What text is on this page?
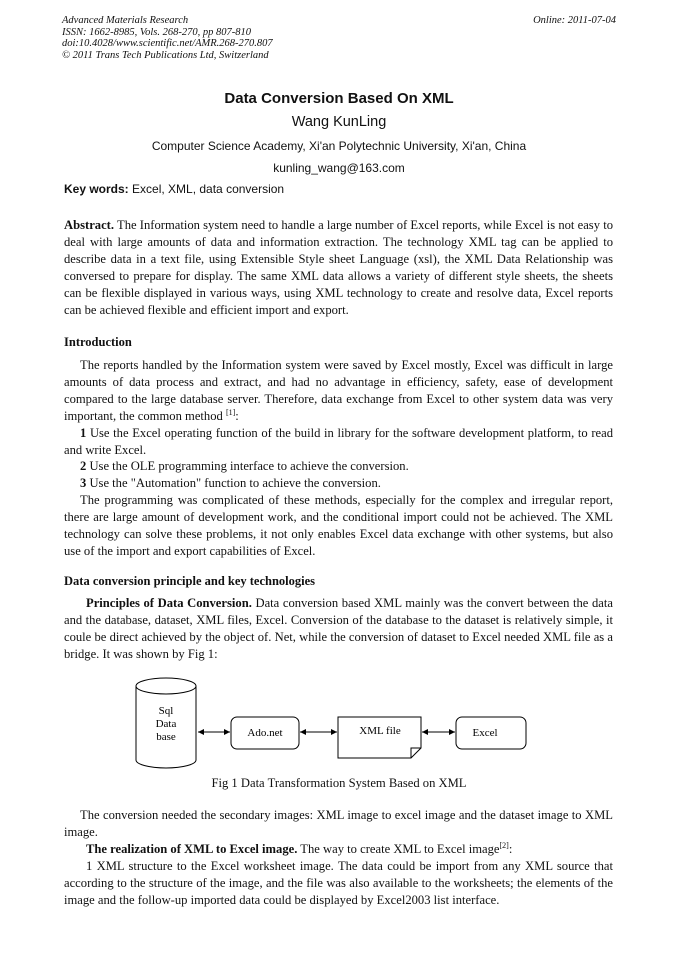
Advanced Materials Research
ISSN: 1662-8985, Vols. 268-270, pp 807-810
doi:10.4028/www.scientific.net/AMR.268-270.807
© 2011 Trans Tech Publications Ltd, Switzerland
Online: 2011-07-04
Data Conversion Based On XML
Wang KunLing
Computer Science Academy, Xi'an Polytechnic University, Xi'an, China
kunling_wang@163.com
Key words: Excel, XML, data conversion
Abstract. The Information system need to handle a large number of Excel reports, while Excel is not easy to deal with large amounts of data and information extraction. The technology XML tag can be applied to describe data in a text file, using Extensible Style sheet Language (xsl), the XML Data Relationship was conversed to prepare for display. The same XML data allows a variety of different style sheets, the sheets can be flexible displayed in various ways, using XML technology to create and resolve data, Excel reports can be achieved flexible and efficient import and export.
Introduction
The reports handled by the Information system were saved by Excel mostly, Excel was difficult in large amounts of data process and extract, and had no advantage in efficiency, safety, ease of development compared to the large database server. Therefore, data exchange from Excel to other system data was very important, the common method [1]:
1 Use the Excel operating function of the build in library for the software development platform, to read and write Excel.
2 Use the OLE programming interface to achieve the conversion.
3 Use the "Automation" function to achieve the conversion.
The programming was complicated of these methods, especially for the complex and irregular report, there are large amount of development work, and the conditional import could not be achieved. The XML technology can solve these problems, it not only enables Excel data exchange with other systems, but also use of the import and export capabilities of Excel.
Data conversion principle and key technologies
Principles of Data Conversion. Data conversion based XML mainly was the convert between the data and the database, dataset, XML files, Excel. Conversion of the database to the dataset is relatively simple, it coule be direct achieved by the object of. Net, while the conversion of dataset to Excel needed XML file as a bridge. It was shown by Fig 1:
Sql
Data
base	Ado.net	XML file	Excel
Fig 1 Data Transformation System Based on XML
The conversion needed the secondary images: XML image to excel image and the dataset image to XML image.
The realization of XML to Excel image. The way to create XML to Excel image[2]:
1 XML structure to the Excel worksheet image. The data could be import from any XML source that according to the structure of the image, and the file was also available to the worksheets; the elements of the image and the follow-up imported data could be displayed by Excel2003 list interface.
